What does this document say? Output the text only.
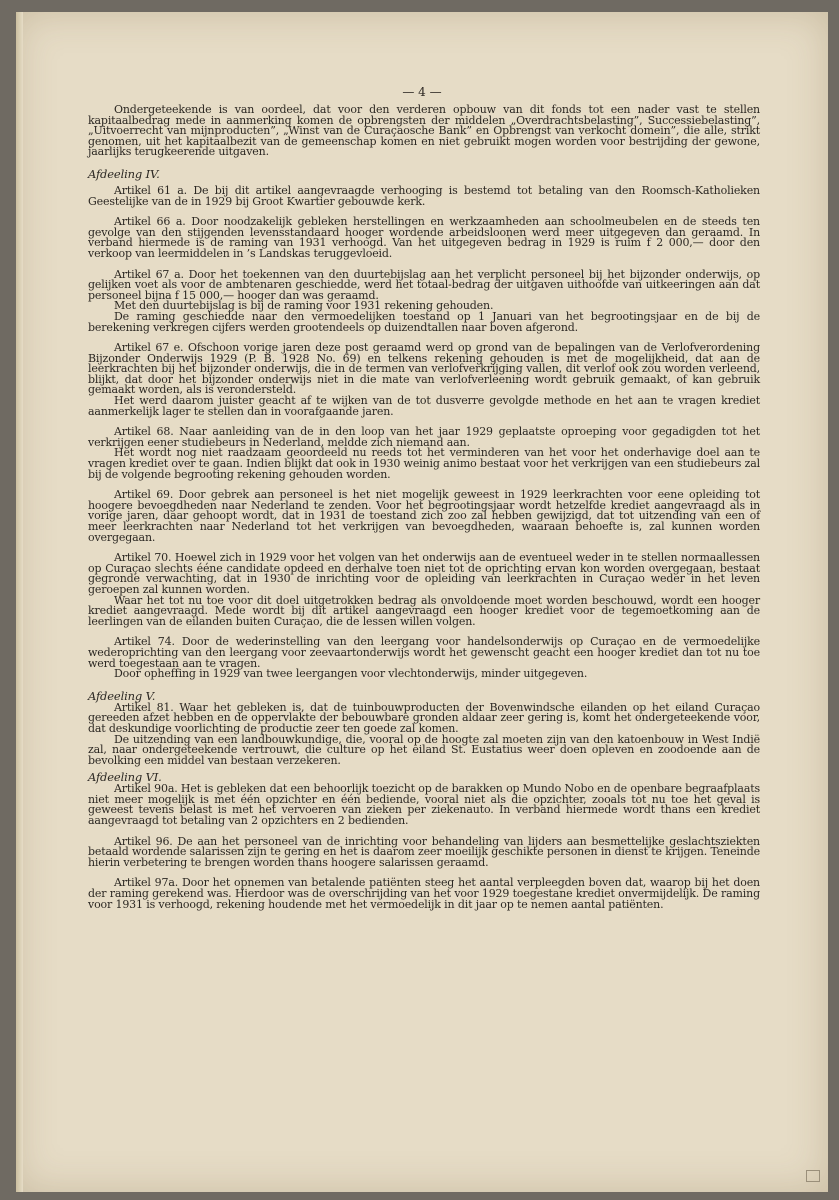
— 4 —

Ondergeteekende is van oordeel, dat voor den verderen opbouw van dit fonds tot een nader vast te stellen kapitaalbedrag mede in aanmerking komen de opbrengsten der middelen „Overdrachtsbelasting”, Successiebelasting”, „Uitvoerrecht van mijnproducten”, „Winst van de Curaçaosche Bank” en Opbrengst van verkocht domein”, die alle, strikt genomen, uit het kapitaalbezit van de gemeenschap komen en niet gebruikt mogen worden voor bestrijding der gewone, jaarlijks terugkeerende uitgaven.

Afdeeling IV.

Artikel 61 a. De bij dit artikel aangevraagde verhooging is bestemd tot betaling van den Roomsch-Katholieken Geestelijke van de in 1929 bij Groot Kwartier gebouwde kerk.

Artikel 66 a. Door noodzakelijk gebleken herstellingen en werkzaamheden aan schoolmeubelen en de steeds ten gevolge van den stijgenden levensstandaard hooger wordende arbeidsloonen werd meer uitgegeven dan geraamd. In verband hiermede is de raming van 1931 verhoogd. Van het uitgegeven bedrag in 1929 is ruim f 2 000,— door den verkoop van leermiddelen in ’s Landskas teruggevloeid.

Artikel 67 a. Door het toekennen van den duurtebijslag aan het verplicht personeel bij het bijzonder onderwijs, op gelijken voet als voor de ambtenaren geschiedde, werd het totaal-bedrag der uitgaven uithoofde van uitkeeringen aan dat personeel bijna f 15 000,— hooger dan was geraamd.

Met den duurtebijslag is bij de raming voor 1931 rekening gehouden.

De raming geschiedde naar den vermoedelijken toestand op 1 Januari van het begrootingsjaar en de bij de berekening verkregen cijfers werden grootendeels op duizendtallen naar boven afgerond.

Artikel 67 e. Ofschoon vorige jaren deze post geraamd werd op grond van de bepalingen van de Verlofverordening Bijzonder Onderwijs 1929 (P. B. 1928 No. 69) en telkens rekening gehouden is met de mogelijkheid, dat aan de leerkrachten bij het bijzonder onderwijs, die in de termen van verlofverkrijging vallen, dit verlof ook zou worden verleend, blijkt, dat door het bijzonder onderwijs niet in die mate van verlofverleening wordt gebruik gemaakt, of kan gebruik gemaakt worden, als is verondersteld.

Het werd daarom juister geacht af te wijken van de tot dusverre gevolgde methode en het aan te vragen krediet aanmerkelijk lager te stellen dan in voorafgaande jaren.

Artikel 68. Naar aanleiding van de in den loop van het jaar 1929 geplaatste oproeping voor gegadigden tot het verkrijgen eener studiebeurs in Nederland, meldde zich niemand aan.

Het wordt nog niet raadzaam geoordeeld nu reeds tot het verminderen van het voor het onderhavige doel aan te vragen krediet over te gaan. Indien blijkt dat ook in 1930 weinig animo bestaat voor het verkrijgen van een studiebeurs zal bij de volgende begrooting rekening gehouden worden.

Artikel 69. Door gebrek aan personeel is het niet mogelijk geweest in 1929 leerkrachten voor eene opleiding tot hoogere bevoegdheden naar Nederland te zenden. Voor het begrootingsjaar wordt hetzelfde krediet aangevraagd als in vorige jaren, daar gehoopt wordt, dat in 1931 de toestand zich zoo zal hebben gewijzigd, dat tot uitzending van een of meer leerkrachten naar Nederland tot het verkrijgen van bevoegdheden, waaraan behoefte is, zal kunnen worden overgegaan.

Artikel 70. Hoewel zich in 1929 voor het volgen van het onderwijs aan de eventueel weder in te stellen normaallessen op Curaçao slechts ééne candidate opdeed en derhalve toen niet tot de oprichting ervan kon worden overgegaan, bestaat gegronde verwachting, dat in 1930 de inrichting voor de opleiding van leerkrachten in Curaçao weder in het leven geroepen zal kunnen worden.

Waar het tot nu toe voor dit doel uitgetrokken bedrag als onvoldoende moet worden beschouwd, wordt een hooger krediet aangevraagd. Mede wordt bij dit artikel aangevraagd een hooger krediet voor de tegemoetkoming aan de leerlingen van de eilanden buiten Curaçao, die de lessen willen volgen.

Artikel 74. Door de wederinstelling van den leergang voor handelsonderwijs op Curaçao en de vermoedelijke wederoprichting van den leergang voor zeevaartonderwijs wordt het gewenscht geacht een hooger krediet dan tot nu toe werd toegestaan aan te vragen.

Door opheffing in 1929 van twee leergangen voor vlechtonderwijs, minder uitgegeven.

Afdeeling V.

Artikel 81. Waar het gebleken is, dat de tuinbouwproducten der Bovenwindsche eilanden op het eiland Curaçao gereeden afzet hebben en de oppervlakte der bebouwbare gronden aldaar zeer gering is, komt het ondergeteekende voor, dat deskundige voorlichting de productie zeer ten goede zal komen.

De uitzending van een landbouwkundige, die, vooral op de hoogte zal moeten zijn van den katoenbouw in West Indië zal, naar ondergeteekende vertrouwt, die culture op het eiland St. Eustatius weer doen opleven en zoodoende aan de bevolking een middel van bestaan verzekeren.

Afdeeling VI.

Artikel 90a. Het is gebleken dat een behoorlijk toezicht op de barakken op Mundo Nobo en de openbare begraafplaats niet meer mogelijk is met één opzichter en één bediende, vooral niet als die opzichter, zooals tot nu toe het geval is geweest tevens belast is met het vervoeren van zieken per ziekenauto. In verband hiermede wordt thans een krediet aangevraagd tot betaling van 2 opzichters en 2 bedienden.

Artikel 96. De aan het personeel van de inrichting voor behandeling van lijders aan besmettelijke geslachtsziekten betaald wordende salarissen zijn te gering en het is daarom zeer moeilijk geschikte personen in dienst te krijgen. Teneinde hierin verbetering te brengen worden thans hoogere salarissen geraamd.

Artikel 97a. Door het opnemen van betalende patiënten steeg het aantal verpleegden boven dat, waarop bij het doen der raming gerekend was. Hierdoor was de overschrijding van het voor 1929 toegestane krediet onvermijdelijk. De raming voor 1931 is verhoogd, rekening houdende met het vermoedelijk in dit jaar op te nemen aantal patiënten.
